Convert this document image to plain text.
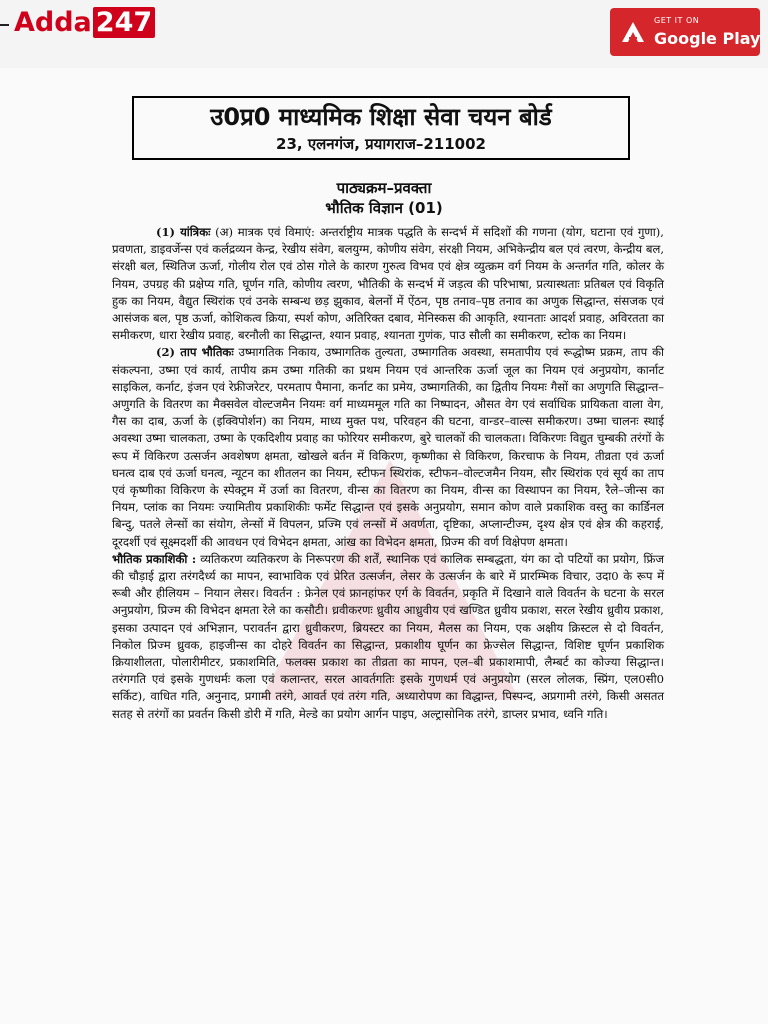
Adda 247	GET IT ON
Google Play
उ0प्र0 माध्यमिक शिक्षा सेवा चयन बोर्ड
23, एलनगंज, प्रयागराज–211002
पाठ्यक्रम–प्रवक्ता
भौतिक विज्ञान (01)

(1) यांत्रिकः (अ) मात्रक एवं विमाएं: अन्तर्राष्ट्रीय मात्रक पद्धति के सन्दर्भ में सदिशों की गणना (योग, घटाना एवं गुणा), प्रवणता, डाइवर्जेन्स एवं कर्लद्रव्यन केन्द्र, रेखीय संवेग, बलयुग्म, कोणीय संवेग, संरक्षी नियम, अभिकेन्द्रीय बल एवं त्वरण, केन्द्रीय बल, संरक्षी बल, स्थितिज ऊर्जा, गोलीय रोल एवं ठोस गोले के कारण गुरुत्व विभव एवं क्षेत्र व्युत्क्रम वर्ग नियम के अन्तर्गत गति, कोलर के नियम, उपग्रह की प्रक्षेप्य गति, घूर्णन गति, कोणीय त्वरण, भौतिकी के सन्दर्भ में जड़त्व की परिभाषा, प्रत्यास्थताः प्रतिबल एवं विकृति हुक का नियम, वैद्युत स्थिरांक एवं उनके सम्बन्ध छड़ झुकाव, बेलनों में ऐंठन, पृष्ठ तनाव–पृष्ठ तनाव का अणुक सिद्धान्त, संसजक एवं आसंजक बल, पृष्ठ ऊर्जा, कोशिकत्व क्रिया, स्पर्श कोण, अतिरिक्त दबाव, मेनिस्कस की आकृति, श्यानताः आदर्श प्रवाह, अविरतता का समीकरण, धारा रेखीय प्रवाह, बरनौली का सिद्धान्त, श्यान प्रवाह, श्यानता गुणंक, पाउ सौली का समीकरण, स्टोक का नियम।

(2) ताप भौतिकः उष्मागतिक निकाय, उष्मागतिक तुल्यता, उष्मागतिक अवस्था, समतापीय एवं रूद्धोष्म प्रक्रम, ताप की संकल्पना, उष्मा एवं कार्य, तापीय क्रम उष्मा गतिकी का प्रथम नियम एवं आन्तरिक ऊर्जा जूल का नियम एवं अनुप्रयोग, कार्नाट साइकिल, कर्नाट, इंजन एवं रेफ्रीजरेटर, परमताप पैमाना, कर्नाट का प्रमेय, उष्मागतिकी, का द्वितीय नियमः गैसों का अणुगति सिद्धान्त– अणुगति के वितरण का मैक्सवेल वोल्टजमैन नियमः वर्ग माध्यममूल गति का निष्पादन, औसत वेग एवं सर्वाधिक प्रायिकता वाला वेग, गैस का दाब, ऊर्जा के (इक्विपोर्शन) का नियम, माध्य मुक्त पथ, परिवहन की घटना, वान्डर–वाल्स समीकरण। उष्मा चालनः स्थाई अवस्था उष्मा चालकता, उष्मा के एकदिशीय प्रवाह का फोरियर समीकरण, बुरे चालकों की चालकता। विकिरणः विद्युत चुम्बकी तरंगों के रूप में विकिरण उत्सर्जन अवशेषण क्षमता, खोखले बर्तन में विकिरण, कृष्णीका से विकिरण, किरचाफ के नियम, तीव्रता एवं ऊर्जा घनत्व दाब एवं ऊर्जा घनत्व, न्यूटन का शीतलन का नियम, स्टीफन स्थिरांक, स्टीफन–वोल्टजमैन नियम, सौर स्थिरांक एवं सूर्य का ताप एवं कृष्णीका विकिरण के स्पेक्ट्रम में उर्जा का वितरण, वीन्स का वितरण का नियम, वीन्स का विस्थापन का नियम, रैले–जीन्स का नियम, प्लांक का नियमः ज्यामितीय प्रकाशिकीः फर्मेट सिद्धान्त एवं इसके अनुप्रयोग, समान कोण वाले प्रकाशिक वस्तु का कार्डिनल बिन्दु, पतले लेन्सों का संयोग, लेन्सों में विपलन, प्रज्मि एवं लन्सों में अवर्णता, दृष्टिका, अप्लान्टीज्म, दृश्य क्षेत्र एवं क्षेत्र की कहराई, दूरदर्शी एवं सूक्ष्मदर्शी की आवधन एवं विभेदन क्षमता, आंख का विभेदन क्षमता, प्रिज्म की वर्ण विक्षेपण क्षमता।

भौतिक प्रकाशिकी : व्यतिकरण व्यतिकरण के निरूपरण की शर्तें, स्थानिक एवं कालिक सम्बद्धता, यंग का दो पटियों का प्रयोग, फ्रिंज की चौड़ाई द्वारा तरंगदैर्ध्य का मापन, स्वाभाविक एवं प्रेरित उत्सर्जन, लेसर के उत्सर्जन के बारे में प्रारम्भिक विचार, उदा0 के रूप में रूबी और हीलियम – नियान लेसर। विवर्तन : फ्रेनेल एवं फ्रानहांफर एर्ग के विवर्तन, प्रकृति में दिखाने वाले विवर्तन के घटना के सरल अनुप्रयोग, प्रिज्म की विभेदन क्षमता रेले का कसौटी। ध्रवीकरणः ध्रुवीय आध्रुवीय एवं खण्डित ध्रुवीय प्रकाश, सरल रेखीय ध्रुवीय प्रकाश, इसका उत्पादन एवं अभिज्ञान, परावर्तन द्वारा ध्रुवीकरण, ब्रियस्टर का नियम, मैलस का नियम, एक अक्षीय क्रिस्टल से दो विवर्तन, निकोल प्रिज्म ध्रुवक, हाइजीन्स का दोहरे विवर्तन का सिद्धान्त, प्रकाशीय घूर्णन का फ्रेज्सेल सिद्धान्त, विशिष्ट घूर्णन प्रकाशिक क्रियाशीलता, पोलारीमीटर, प्रकाशमिति, फलक्स प्रकाश का तीव्रता का मापन, एल–बी प्रकाशमापी, लैम्बर्ट का कोज्या सिद्धान्त। तरंगगति एवं इसके गुणधर्मः कला एवं कलान्तर, सरल आवर्तगतिः इसके गुणधर्म एवं अनुप्रयोग (सरल लोलक, स्प्रिंग, एल0सी0 सर्किट), वाधित गति, अनुनाद, प्रगामी तरंगे, आवर्त एवं तरंग गति, अध्यारोपण का विद्धान्त, पिस्पन्द, अप्रगामी तरंगे, किसी असतत सतह से तरंगों का प्रवर्तन किसी डोरी में गति, मेल्डे का प्रयोग आर्गन पाइप, अल्ट्रासोनिक तरंगे, डाप्लर प्रभाव, ध्वनि गति।
